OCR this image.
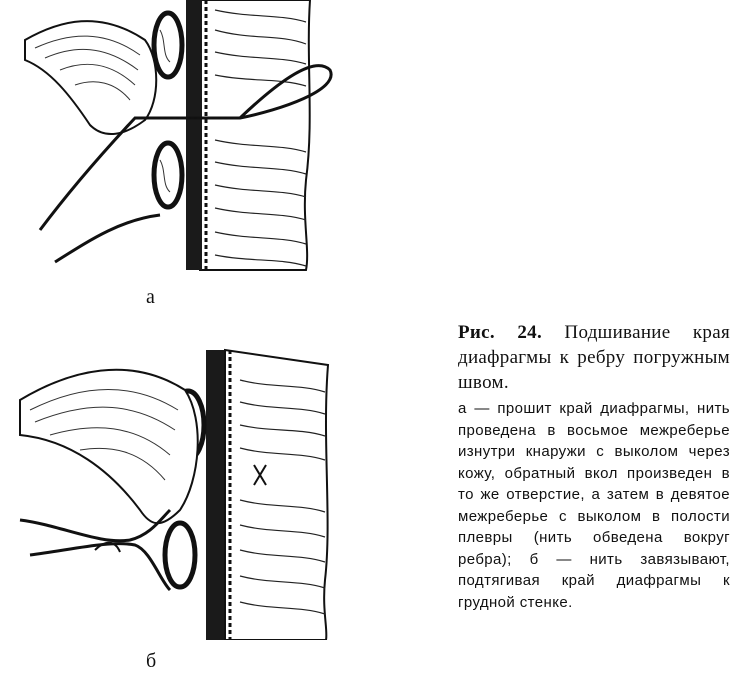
а
б
Рис. 24. Подшивание края диафрагмы к ребру погружным швом.
а — прошит край диафрагмы, нить проведена в восьмое межреберье изнутри кнаружи с выколом через кожу, обратный вкол произведен в то же отверстие, а затем в девятое межреберье с выколом в полости плевры (нить обведена вокруг ребра); б — нить завязывают, подтягивая край диафрагмы к грудной стенке.
